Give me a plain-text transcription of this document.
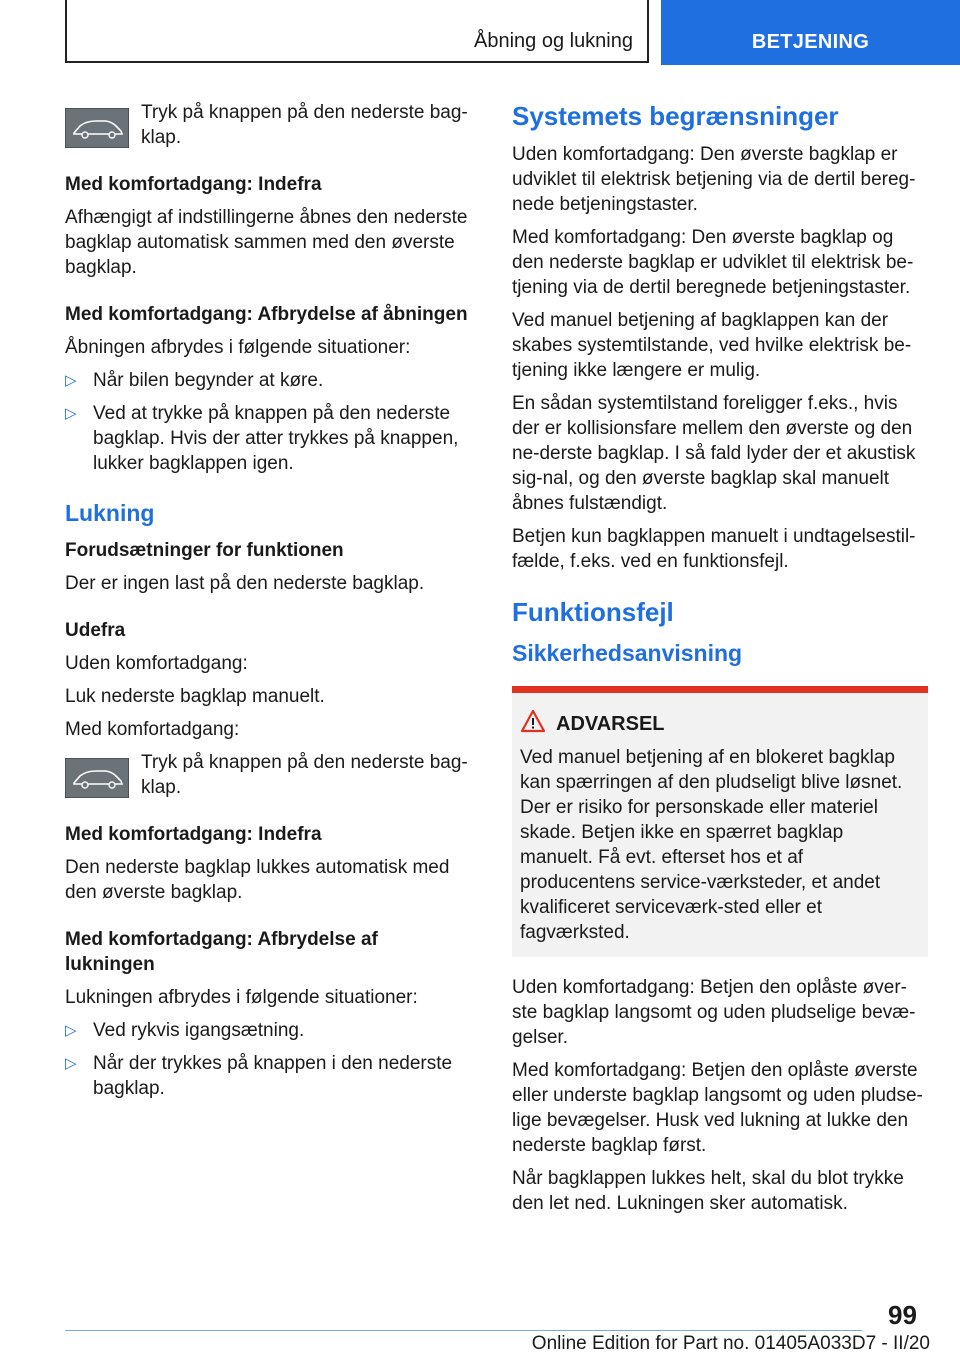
Åbning og lukning	BETJENING

Tryk på knappen på den nederste bag-klap.

Med komfortadgang: Indefra

Afhængigt af indstillingerne åbnes den nederste bagklap automatisk sammen med den øverste bagklap.

Med komfortadgang: Afbrydelse af åbningen

Åbningen afbrydes i følgende situationer:

▷ Når bilen begynder at køre.
▷ Ved at trykke på knappen på den nederste bagklap. Hvis der atter trykkes på knappen, lukker bagklappen igen.
Lukning
Forudsætninger for funktionen

Der er ingen last på den nederste bagklap.

Udefra

Uden komfortadgang:

Luk nederste bagklap manuelt.

Med komfortadgang:

Tryk på knappen på den nederste bag-klap.

Med komfortadgang: Indefra

Den nederste bagklap lukkes automatisk med den øverste bagklap.

Med komfortadgang: Afbrydelse af lukningen

Lukningen afbrydes i følgende situationer:

▷ Ved rykvis igangsætning.
▷ Når der trykkes på knappen i den nederste bagklap.
Systemets begrænsninger

Uden komfortadgang: Den øverste bagklap er udviklet til elektrisk betjening via de dertil bereg-nede betjeningstaster.

Med komfortadgang: Den øverste bagklap og den nederste bagklap er udviklet til elektrisk be-tjening via de dertil beregnede betjeningstaster.

Ved manuel betjening af bagklappen kan der skabes systemtilstande, ved hvilke elektrisk be-tjening ikke længere er mulig.

En sådan systemtilstand foreligger f.eks., hvis der er kollisionsfare mellem den øverste og den ne-derste bagklap. I så fald lyder der et akustisk sig-nal, og den øverste bagklap skal manuelt åbnes fulstændigt.

Betjen kun bagklappen manuelt i undtagelsestil-fælde, f.eks. ved en funktionsfejl.

Funktionsfejl
Sikkerhedsanvisning
ADVARSEL

Ved manuel betjening af en blokeret bagklap kan spærringen af den pludseligt blive løsnet. Der er risiko for personskade eller materiel skade. Betjen ikke en spærret bagklap manuelt. Få evt. efterset hos et af producentens service-værksteder, et andet kvalificeret serviceværk-sted eller et fagværksted.

Uden komfortadgang: Betjen den oplåste øver-ste bagklap langsomt og uden pludselige bevæ-gelser.

Med komfortadgang: Betjen den oplåste øverste eller underste bagklap langsomt og uden pludse-lige bevægelser. Husk ved lukning at lukke den nederste bagklap først.

Når bagklappen lukkes helt, skal du blot trykke den let ned. Lukningen sker automatisk.

99
Online Edition for Part no. 01405A033D7 - II/20
